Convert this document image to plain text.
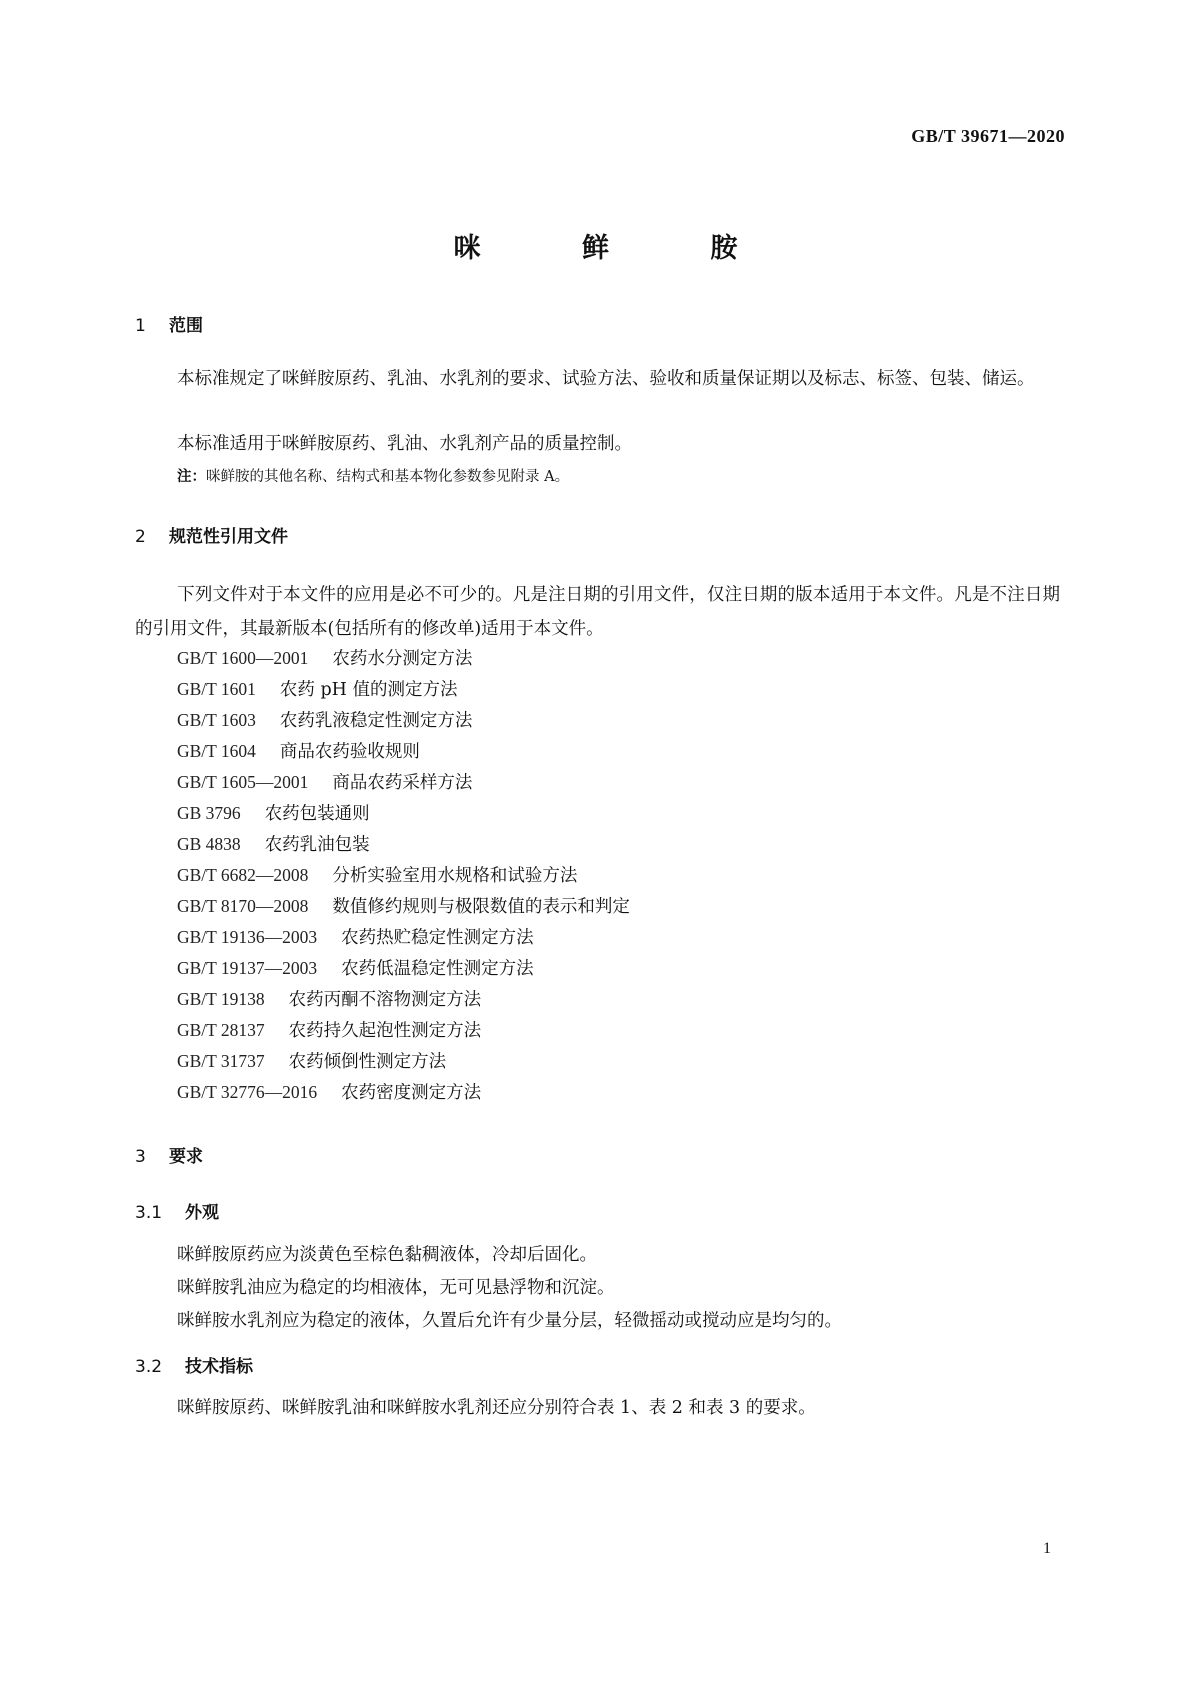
GB/T 39671—2020
咪 鲜 胺
1 范围
本标准规定了咪鲜胺原药、乳油、水乳剂的要求、试验方法、验收和质量保证期以及标志、标签、包装、储运。
本标准适用于咪鲜胺原药、乳油、水乳剂产品的质量控制。
注：咪鲜胺的其他名称、结构式和基本物化参数参见附录 A。
2 规范性引用文件
下列文件对于本文件的应用是必不可少的。凡是注日期的引用文件，仅注日期的版本适用于本文件。凡是不注日期的引用文件，其最新版本(包括所有的修改单)适用于本文件。
GB/T 1600—2001 农药水分测定方法
GB/T 1601 农药 pH 值的测定方法
GB/T 1603 农药乳液稳定性测定方法
GB/T 1604 商品农药验收规则
GB/T 1605—2001 商品农药采样方法
GB 3796 农药包装通则
GB 4838 农药乳油包装
GB/T 6682—2008 分析实验室用水规格和试验方法
GB/T 8170—2008 数值修约规则与极限数值的表示和判定
GB/T 19136—2003 农药热贮稳定性测定方法
GB/T 19137—2003 农药低温稳定性测定方法
GB/T 19138 农药丙酮不溶物测定方法
GB/T 28137 农药持久起泡性测定方法
GB/T 31737 农药倾倒性测定方法
GB/T 32776—2016 农药密度测定方法
3 要求
3.1 外观
咪鲜胺原药应为淡黄色至棕色黏稠液体，冷却后固化。
咪鲜胺乳油应为稳定的均相液体，无可见悬浮物和沉淀。
咪鲜胺水乳剂应为稳定的液体，久置后允许有少量分层，轻微摇动或搅动应是均匀的。
3.2 技术指标
咪鲜胺原药、咪鲜胺乳油和咪鲜胺水乳剂还应分别符合表 1、表 2 和表 3 的要求。
1
